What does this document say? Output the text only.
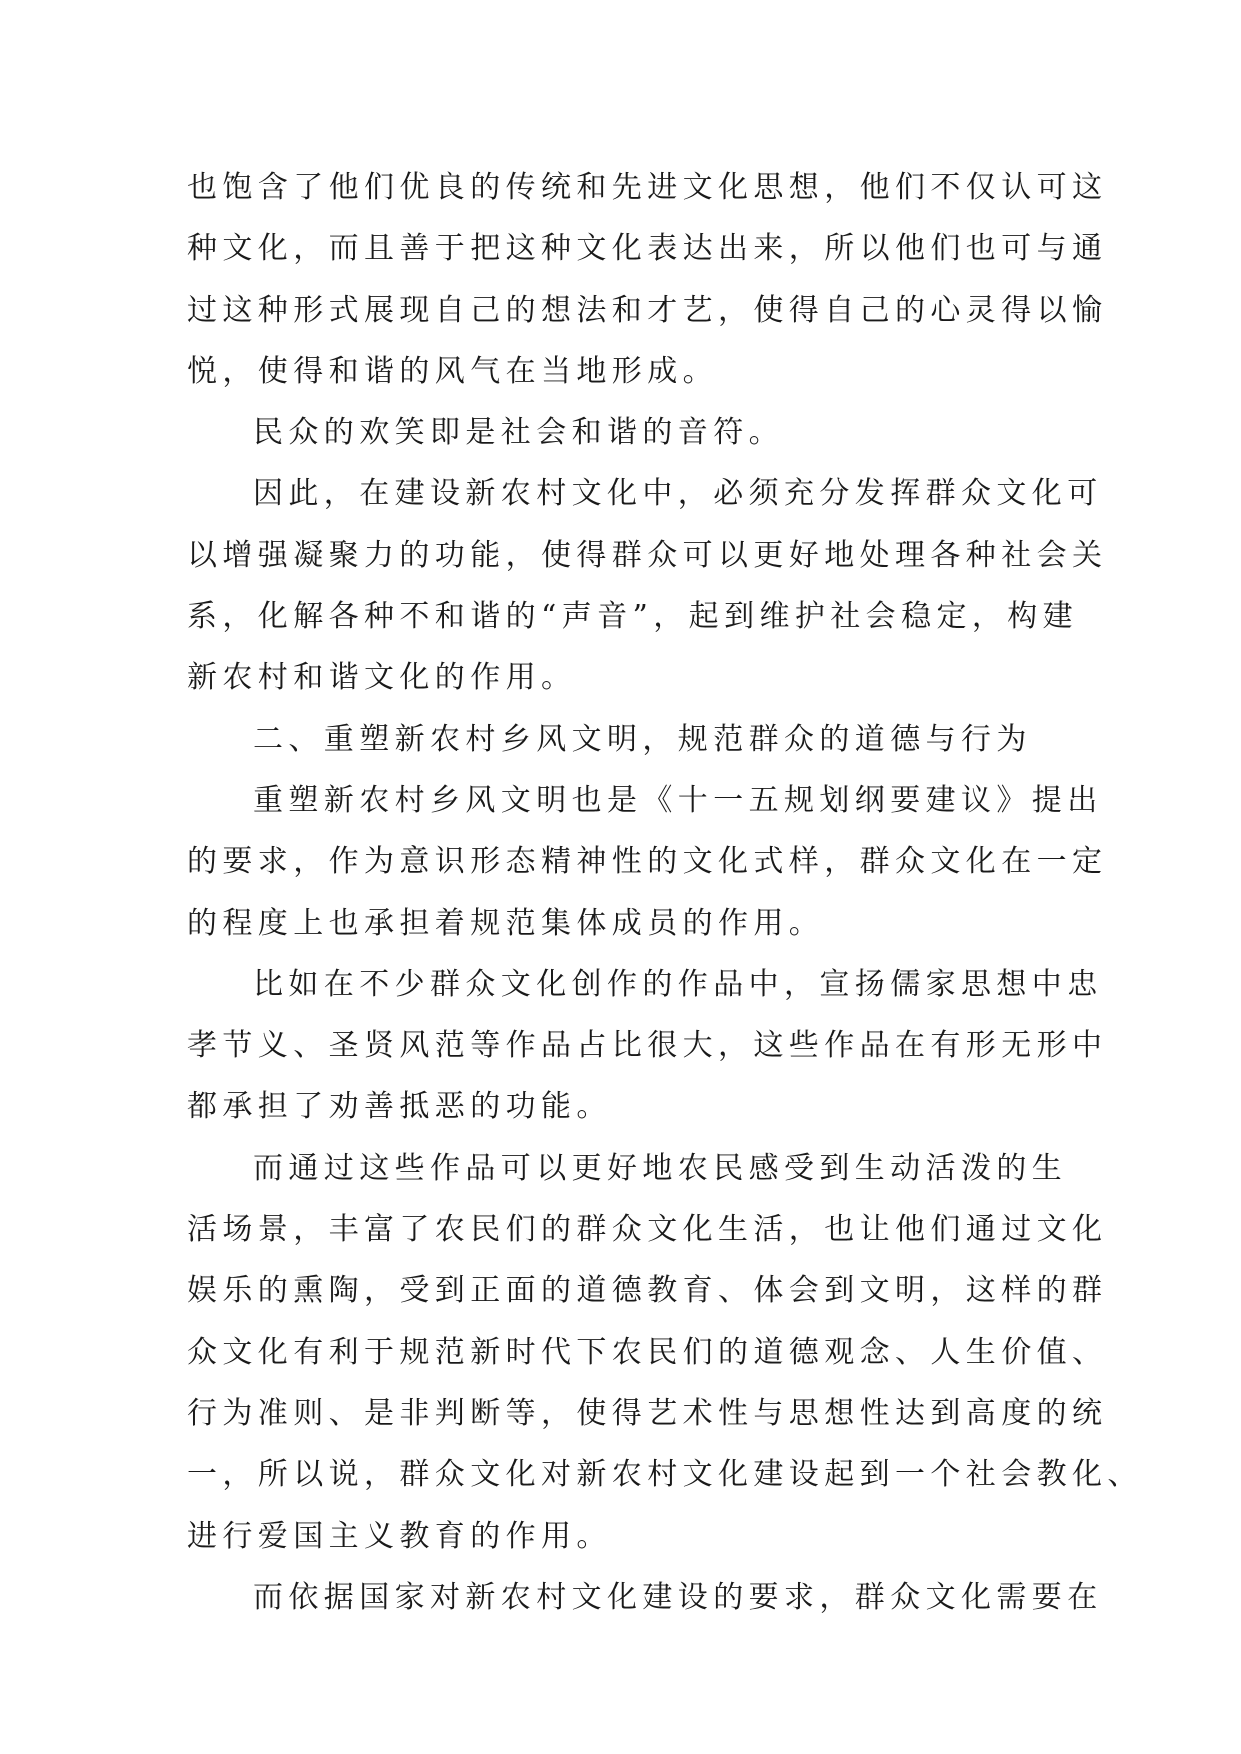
也饱含了他们优良的传统和先进文化思想，他们不仅认可这
种文化，而且善于把这种文化表达出来，所以他们也可与通
过这种形式展现自己的想法和才艺，使得自己的心灵得以愉
悦，使得和谐的风气在当地形成。
民众的欢笑即是社会和谐的音符。
因此，在建设新农村文化中，必须充分发挥群众文化可
以增强凝聚力的功能，使得群众可以更好地处理各种社会关
系，化解各种不和谐的“声音”，起到维护社会稳定，构建
新农村和谐文化的作用。
二、重塑新农村乡风文明，规范群众的道德与行为
重塑新农村乡风文明也是《十一五规划纲要建议》提出
的要求，作为意识形态精神性的文化式样，群众文化在一定
的程度上也承担着规范集体成员的作用。
比如在不少群众文化创作的作品中，宣扬儒家思想中忠
孝节义、圣贤风范等作品占比很大，这些作品在有形无形中
都承担了劝善抵恶的功能。
而通过这些作品可以更好地农民感受到生动活泼的生
活场景，丰富了农民们的群众文化生活，也让他们通过文化
娱乐的熏陶，受到正面的道德教育、体会到文明，这样的群
众文化有利于规范新时代下农民们的道德观念、人生价值、
行为准则、是非判断等，使得艺术性与思想性达到高度的统
一，所以说，群众文化对新农村文化建设起到一个社会教化、
进行爱国主义教育的作用。
而依据国家对新农村文化建设的要求，群众文化需要在
